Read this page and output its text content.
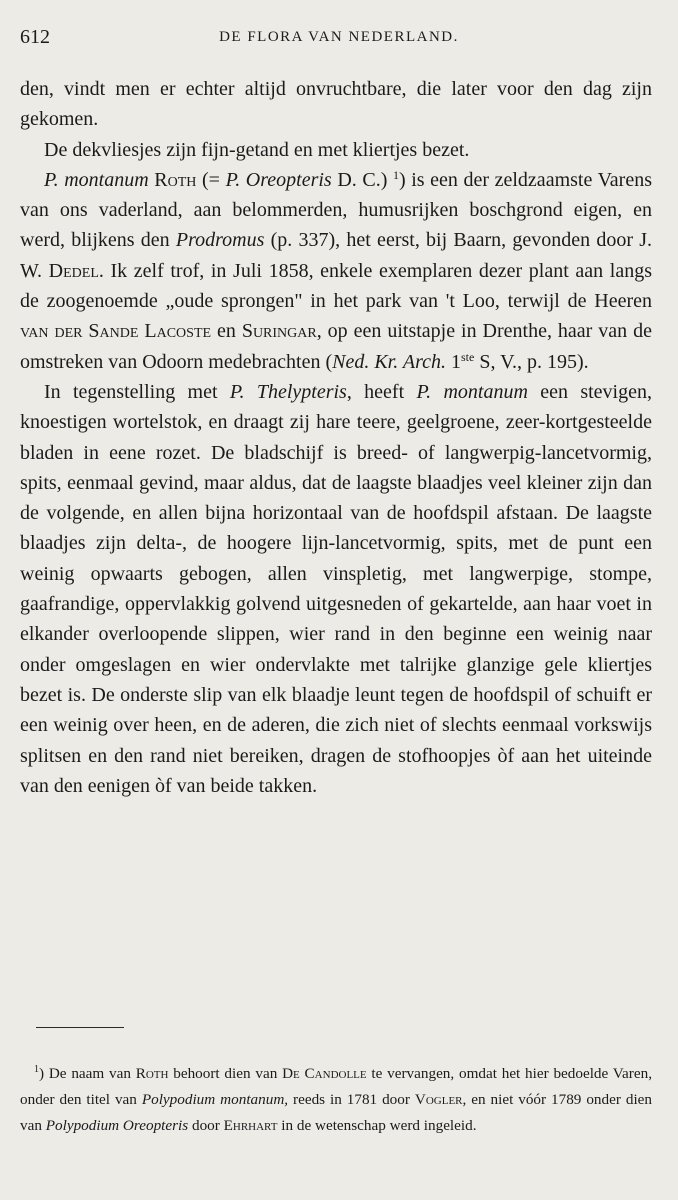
612	DE FLORA VAN NEDERLAND.

den, vindt men er echter altijd onvruchtbare, die later voor den dag zijn gekomen.

De dekvliesjes zijn fijn-getand en met kliertjes bezet.

P. montanum Roth (= P. Oreopteris D. C.) $^1$) is een der zeldzaamste Varens van ons vaderland, aan belommerden, humusrijken boschgrond eigen, en werd, blijkens den Prodromus (p. 337), het eerst, bij Baarn, gevonden door J. W. Dedel. Ik zelf trof, in Juli 1858, enkele exemplaren dezer plant aan langs de zoogenoemde „oude sprongen" in het park van 't Loo, terwijl de Heeren van der Sande Lacoste en Suringar, op een uitstapje in Drenthe, haar van de omstreken van Odoorn medebrachten (Ned. Kr. Arch. 1ste S, V., p. 195).

In tegenstelling met P. Thelypteris, heeft P. montanum een stevigen, knoestigen wortelstok, en draagt zij hare teere, geelgroene, zeer-kortgesteelde bladen in eene rozet. De bladschijf is breed- of langwerpig-lancetvormig, spits, eenmaal gevind, maar aldus, dat de laagste blaadjes veel kleiner zijn dan de volgende, en allen bijna horizontaal van de hoofdspil afstaan. De laagste blaadjes zijn delta-, de hoogere lijn-lancetvormig, spits, met de punt een weinig opwaarts gebogen, allen vinspletig, met langwerpige, stompe, gaafrandige, oppervlakkig golvend uitgesneden of gekartelde, aan haar voet in elkander overloopende slippen, wier rand in den beginne een weinig naar onder omgeslagen en wier ondervlakte met talrijke glanzige gele kliertjes bezet is. De onderste slip van elk blaadje leunt tegen de hoofdspil of schuift er een weinig over heen, en de aderen, die zich niet of slechts eenmaal vorkswijs splitsen en den rand niet bereiken, dragen de stofhoopjes òf aan het uiteinde van den eenigen òf van beide takken.

$^1$) De naam van Roth behoort dien van De Candolle te vervangen, omdat het hier bedoelde Varen, onder den titel van Polypodium montanum, reeds in 1781 door Vogler, en niet vóór 1789 onder dien van Polypodium Oreopteris door Ehrhart in de wetenschap werd ingeleid.
